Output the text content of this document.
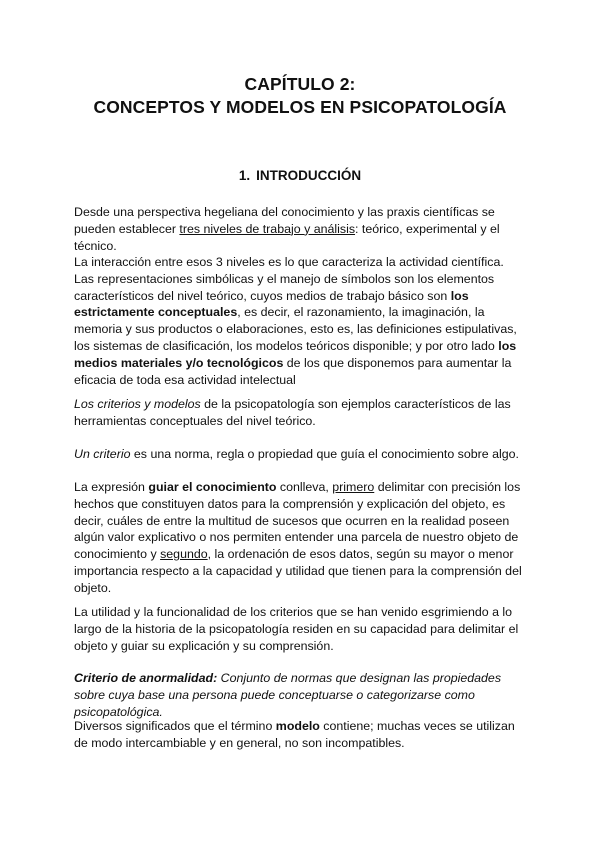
CAPÍTULO 2:
CONCEPTOS Y MODELOS EN PSICOPATOLOGÍA
1. INTRODUCCIÓN
Desde una perspectiva hegeliana del conocimiento y las praxis científicas se pueden establecer tres niveles de trabajo y análisis: teórico, experimental y el técnico.
La interacción entre esos 3 niveles es lo que caracteriza la actividad científica.
Las representaciones simbólicas y el manejo de símbolos son los elementos característicos del nivel teórico, cuyos medios de trabajo básico son los estrictamente conceptuales, es decir, el razonamiento, la imaginación, la memoria y sus productos o elaboraciones, esto es, las definiciones estipulativas, los sistemas de clasificación, los modelos teóricos disponible; y por otro lado los medios materiales y/o tecnológicos de los que disponemos para aumentar la eficacia de toda esa actividad intelectual
Los criterios y modelos de la psicopatología son ejemplos característicos de las herramientas conceptuales del nivel teórico.
Un criterio es una norma, regla o propiedad que guía el conocimiento sobre algo.
La expresión guiar el conocimiento conlleva, primero delimitar con precisión los hechos que constituyen datos para la comprensión y explicación del objeto, es decir, cuáles de entre la multitud de sucesos que ocurren en la realidad poseen algún valor explicativo o nos permiten entender una parcela de nuestro objeto de conocimiento y segundo, la ordenación de esos datos, según su mayor o menor importancia respecto a la capacidad y utilidad que tienen para la comprensión del objeto.
La utilidad y la funcionalidad de los criterios que se han venido esgrimiendo a lo largo de la historia de la psicopatología residen en su capacidad para delimitar el objeto y guiar su explicación y su comprensión.
Criterio de anormalidad: Conjunto de normas que designan las propiedades sobre cuya base una persona puede conceptuarse o categorizarse como psicopatológica.
Diversos significados que el término modelo contiene; muchas veces se utilizan de modo intercambiable y en general, no son incompatibles.
